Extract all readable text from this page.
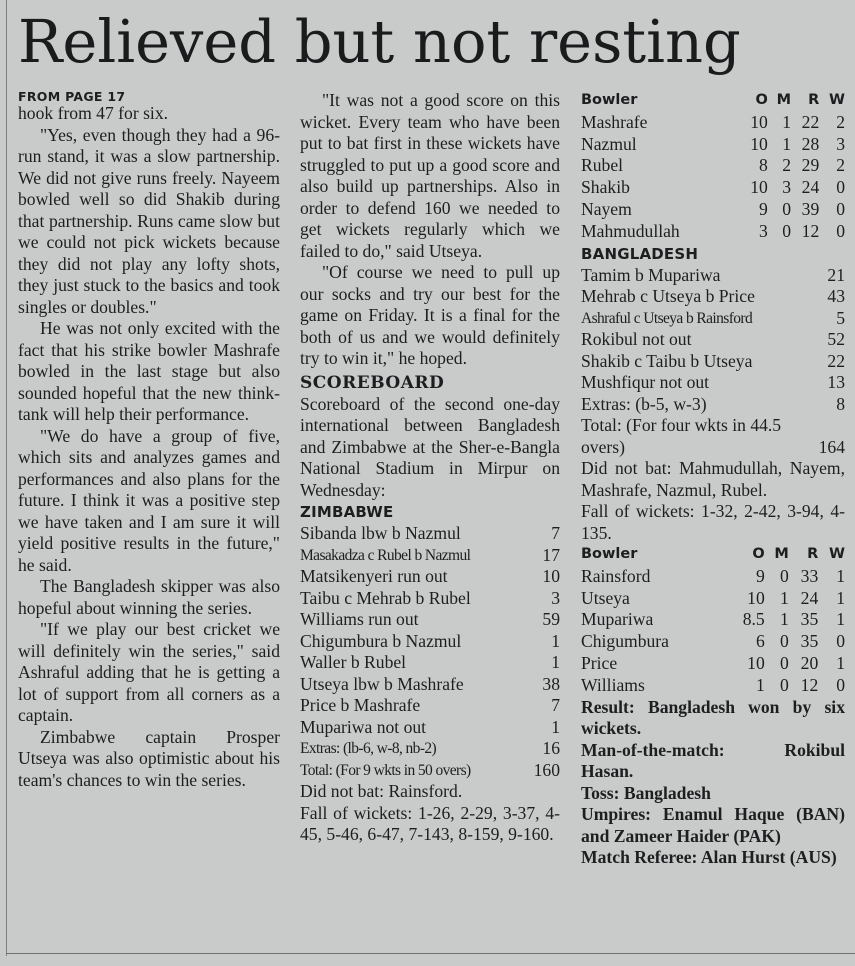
Relieved but not resting
FROM PAGE 17

hook from 47 for six.

"Yes, even though they had a 96-run stand, it was a slow partnership. We did not give runs freely. Nayeem bowled well so did Shakib during that partnership. Runs came slow but we could not pick wickets because they did not play any lofty shots, they just stuck to the basics and took singles or doubles."

He was not only excited with the fact that his strike bowler Mashrafe bowled in the last stage but also sounded hopeful that the new think-tank will help their performance.

"We do have a group of five, which sits and analyzes games and performances and also plans for the future. I think it was a positive step we have taken and I am sure it will yield positive results in the future," he said.

The Bangladesh skipper was also hopeful about winning the series.

"If we play our best cricket we will definitely win the series," said Ashraful adding that he is getting a lot of support from all corners as a captain.

Zimbabwe captain Prosper Utseya was also optimistic about his team's chances to win the series.

"It was not a good score on this wicket. Every team who have been put to bat first in these wickets have struggled to put up a good score and also build up partnerships. Also in order to defend 160 we needed to get wickets regularly which we failed to do," said Utseya.

"Of course we need to pull up our socks and try our best for the game on Friday. It is a final for the both of us and we would definitely try to win it," he hoped.

SCOREBOARD

Scoreboard of the second one-day international between Bangladesh and Zimbabwe at the Sher-e-Bangla National Stadium in Mirpur on Wednesday:

ZIMBABWE
Sibanda lbw b Nazmul	7
Masakadza c Rubel b Nazmul	17
Matsikenyeri run out	10
Taibu c Mehrab b Rubel	3
Williams run out	59
Chigumbura b Nazmul	1
Waller b Rubel	1
Utseya lbw b Mashrafe	38
Price b Mashrafe	7
Mupariwa not out	1
Extras: (lb-6, w-8, nb-2)	16
Total: (For 9 wkts in 50 overs)	160

Did not bat: Rainsford.

Fall of wickets: 1-26, 2-29, 3-37, 4-45, 5-46, 6-47, 7-143, 8-159, 9-160.

Bowler	O	M	R	W
Mashrafe	10	1	22	2
Nazmul	10	1	28	3
Rubel	8	2	29	2
Shakib	10	3	24	0
Nayem	9	0	39	0
Mahmudullah	3	0	12	0
BANGLADESH
Tamim b Mupariwa	21
Mehrab c Utseya b Price	43
Ashraful c Utseya b Rainsford	5
Rokibul not out	52
Shakib c Taibu b Utseya	22
Mushfiqur not out	13
Extras: (b-5, w-3)	8
Total: (For four wkts in 44.5 overs)	164

Did not bat: Mahmudullah, Nayem, Mashrafe, Nazmul, Rubel.

Fall of wickets: 1-32, 2-42, 3-94, 4-135.

Bowler	O	M	R	W
Rainsford	9	0	33	1
Utseya	10	1	24	1
Mupariwa	8.5	1	35	1
Chigumbura	6	0	35	0
Price	10	0	20	1
Williams	1	0	12	0

Result: Bangladesh won by six wickets.

Man-of-the-match: Rokibul Hasan.

Toss: Bangladesh

Umpires: Enamul Haque (BAN) and Zameer Haider (PAK)

Match Referee: Alan Hurst (AUS)
